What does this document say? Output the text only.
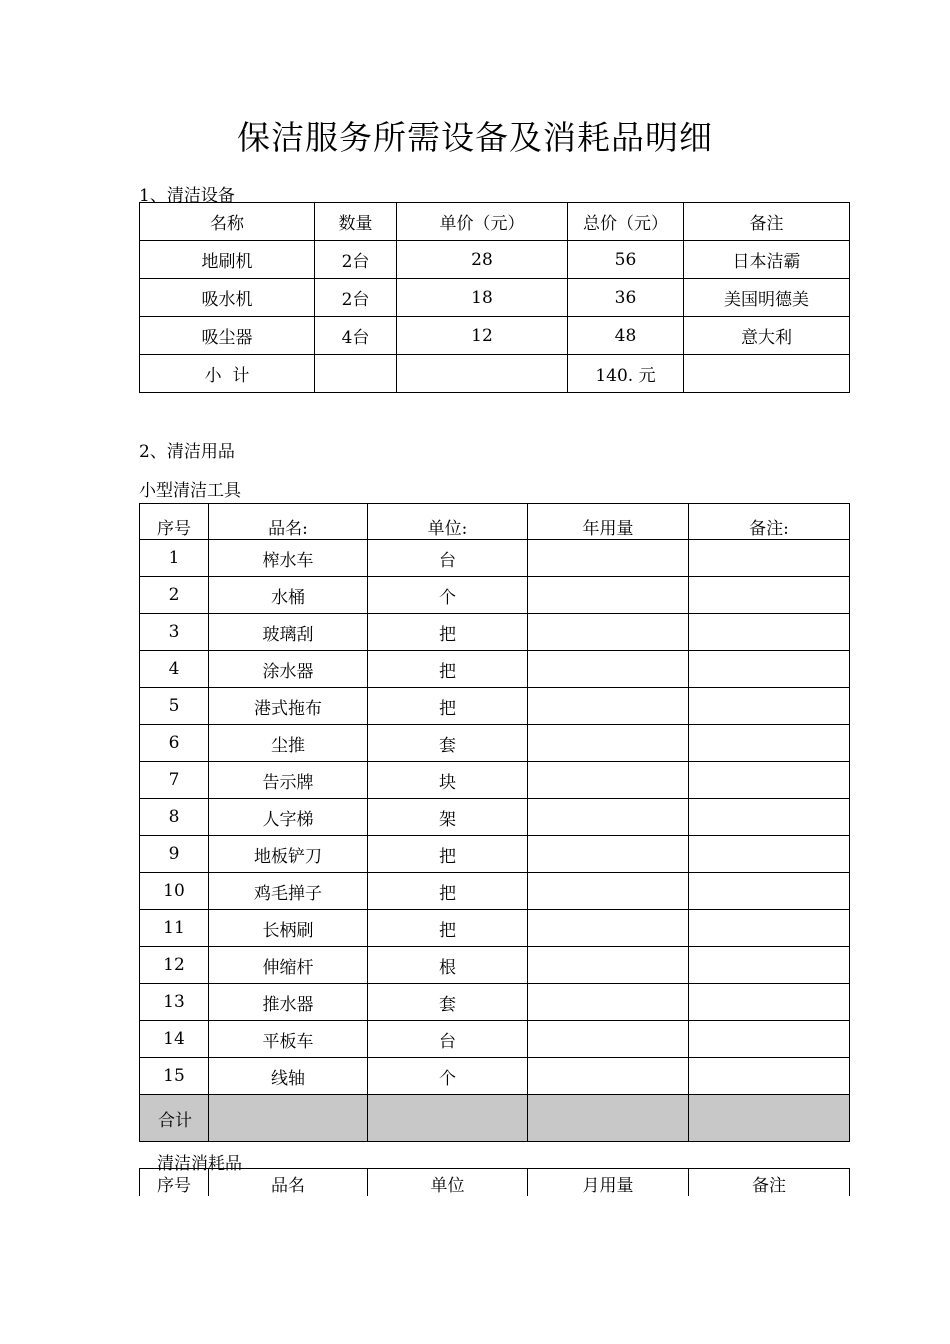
保洁服务所需设备及消耗品明细
1、清洁设备
名称	数量	单价（元）	总价（元）	备注
地刷机	2台	28	56	日本洁霸
吸水机	2台	18	36	美国明德美
吸尘器	4台	12	48	意大利
小  计			140. 元	
2、清洁用品
小型清洁工具
序号	品名:	单位:	年用量	备注:
1	榨水车	台		
2	水桶	个		
3	玻璃刮	把		
4	涂水器	把		
5	港式拖布	把		
6	尘推	套		
7	告示牌	块		
8	人字梯	架		
9	地板铲刀	把		
10	鸡毛掸子	把		
11	长柄刷	把		
12	伸缩杆	根		
13	推水器	套		
14	平板车	台		
15	线轴	个		
合计				
清洁消耗品
序号	品名	单位	月用量	备注
